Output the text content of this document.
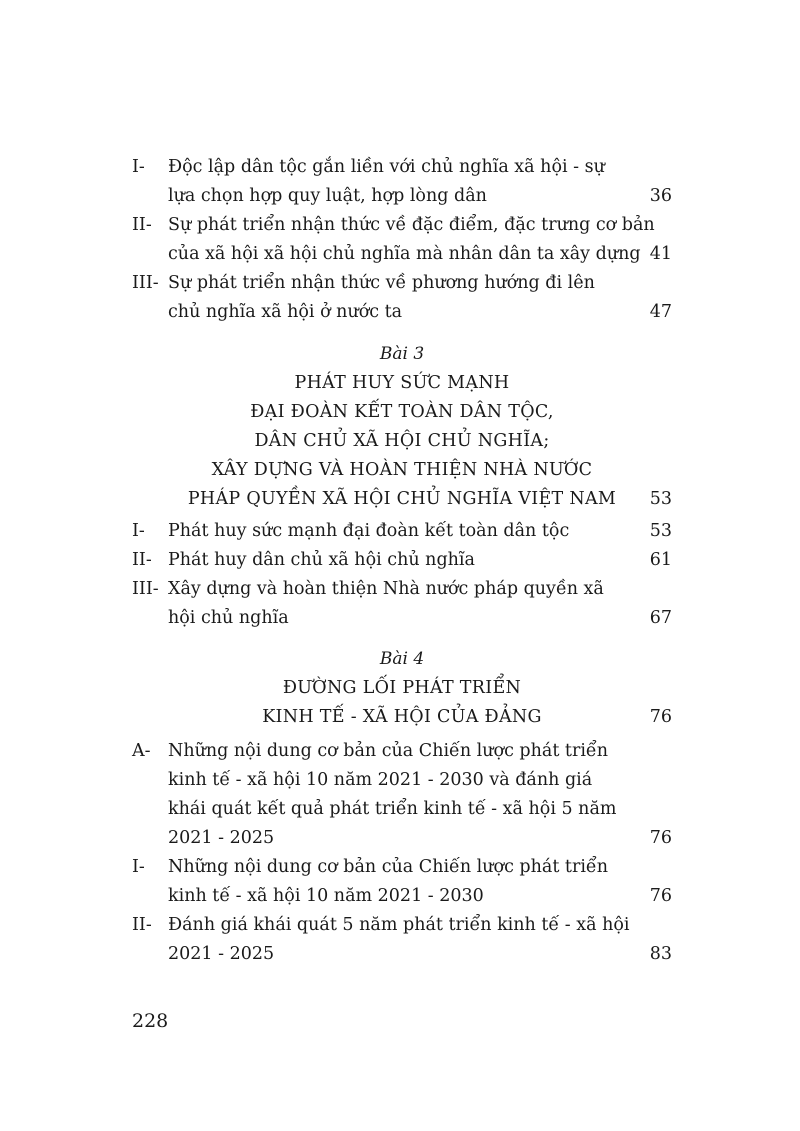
I- Độc lập dân tộc gắn liền với chủ nghĩa xã hội - sự
lựa chọn hợp quy luật, hợp lòng dân	36
II- Sự phát triển nhận thức về đặc điểm, đặc trưng cơ bản
của xã hội xã hội chủ nghĩa mà nhân dân ta xây dựng 41
III- Sự phát triển nhận thức về phương hướng đi lên
chủ nghĩa xã hội ở nước ta	47
Bài 3
PHÁT HUY SỨC MẠNH
ĐẠI ĐOÀN KẾT TOÀN DÂN TỘC,
DÂN CHỦ XÃ HỘI CHỦ NGHĨA;
XÂY DỰNG VÀ HOÀN THIỆN NHÀ NƯỚC
PHÁP QUYỀN XÃ HỘI CHỦ NGHĨA VIỆT NAM 53
I- Phát huy sức mạnh đại đoàn kết toàn dân tộc	53
II- Phát huy dân chủ xã hội chủ nghĩa	61
III- Xây dựng và hoàn thiện Nhà nước pháp quyền xã
hội chủ nghĩa	67
Bài 4
ĐƯỜNG LỐI PHÁT TRIỂN
KINH TẾ - XÃ HỘI CỦA ĐẢNG	76
A- Những nội dung cơ bản của Chiến lược phát triển
kinh tế - xã hội 10 năm 2021 - 2030 và đánh giá
khái quát kết quả phát triển kinh tế - xã hội 5 năm
2021 - 2025	76
I- Những nội dung cơ bản của Chiến lược phát triển
kinh tế - xã hội 10 năm 2021 - 2030	76
II- Đánh giá khái quát 5 năm phát triển kinh tế - xã hội
2021 - 2025	83
228
